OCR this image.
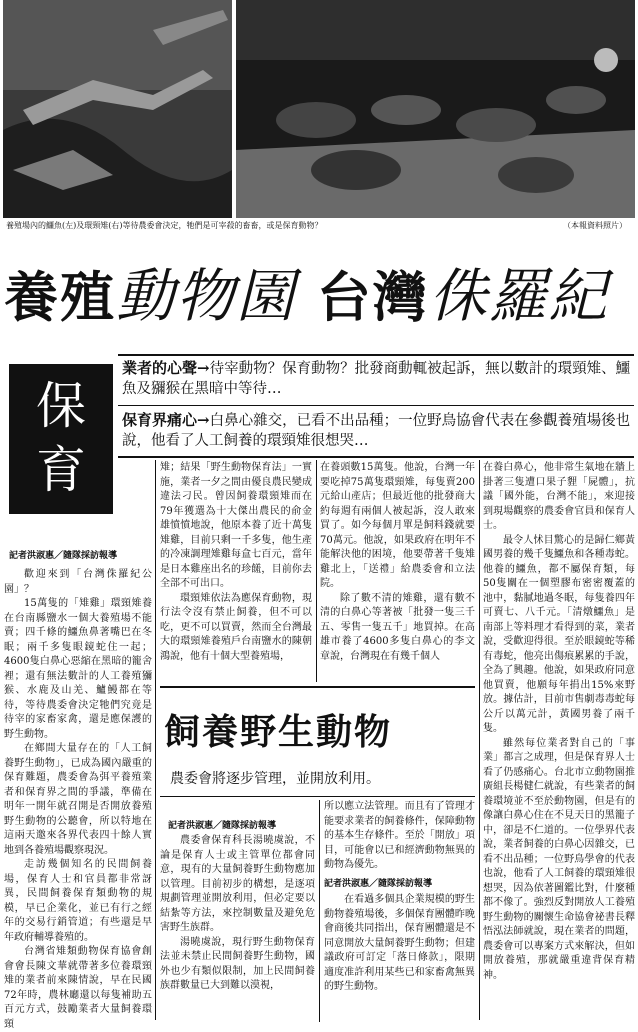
養殖場內的鱷魚(左)及環頸雉(右)等待農委會決定，牠們是可宰殺的畜畜，或是保育動物？	（本報資料照片）
養殖動物園 台灣侏羅紀
保
育
業者的心聲→待宰動物？保育動物？批發商動輒被起訴，無以數計的環頸雉、鱷魚及獼猴在黑暗中等待…
保育界痛心→白鼻心雜交，已看不出品種；一位野鳥協會代表在參觀養殖場後也說，他看了人工飼養的環頸雉很想哭…
記者洪淑惠／隨隊採訪報導

歡迎來到「台灣侏羅紀公園」？

15萬隻的「雉雞」環頸雉養在台南縣鹽水一個大養殖場不能賣；四千條的鱷魚鼻著嘴巴在冬眠；兩千多隻眼鏡蛇住一起；4600隻白鼻心惡縮在黑暗的籠舍裡；還有無法數計的人工養殖獼猴、水鹿及山羌、鱸鰻都在等待，等待農委會決定牠們究竟是待宰的家畜家禽，還是應保護的野生動物。

在鄉間大量存在的「人工飼養野生動物」，已成為國內嚴重的保育難題，農委會為弭平養殖業者和保育界之間的爭議，準備在明年一開年就召開是否開放養殖野生動物的公聽會，所以特地在這兩天邀來各界代表四十餘人實地到各養殖場觀察現況。

走訪幾個知名的民間飼養場，保育人士和官員都非常訝異，民間飼養保育類動物的規模，早已企業化，並已有行之經年的交易行銷管道；有些還是早年政府輔導養殖的。

台灣省雉類動物保育協會創會會長陳文華就帶著多位養環頸雉的業者前來陳情說，早在民國72年時，農林廳還以每隻補助五百元方式，鼓勵業者大量飼養環頸

雉；結果「野生動物保育法」一實施，業者一夕之間由優良農民變成違法刁民。曾因飼養環頸雉而在79年獲選為十大傑出農民的俞金雄憤憤地說，他原本養了近十萬隻雉雞，目前只剩一千多隻，他生產的冷凍調理雉雞每盒七百元，當年是日本雞座出名的珍饈，目前你去全部不可出口。

環頸雉依法為應保育動物，現行法令沒有禁止飼養，但不可以吃，更不可以買賣，然而全台灣最大的環頸雉養殖戶台南鹽水的陳朝鴻說，他有十個大型養殖場，

在養頭數15萬隻。他說，台灣一年要吃掉75萬隻環頸雉，每隻賣200元給山產店；但最近他的批發商大約每週有兩個人被起訴，沒人敢來買了。如今每個月單是飼料錢就要70萬元。他說，如果政府在明年不能解決他的困境，他要帶著千隻雉雞北上，「送禮」給農委會和立法院。

除了數不清的雉雞，還有數不清的白鼻心等著被「批發一隻三千五、零售一隻五千」地買掉。在高雄市養了4600多隻白鼻心的李文章說，台灣現在有幾千個人

在養白鼻心，他非常生氣地在牆上掛著三隻遭口果子貍「屍體」，抗議「國外能，台灣不能」，來迎接到現場觀察的農委會官員和保育人士。

最令人怵目驚心的是歸仁鄉黃國男養的幾千隻鱷魚和各種毒蛇。他養的鱷魚，都不屬保育類，每50隻關在一個塑膠布密密覆蓋的池中，黏膩地過冬眠，每隻養四年可賣七、八千元。「清燉鱷魚」是南部上等料理才看得到的菜，業者說，受歡迎得很。至於眼鏡蛇等稀有毒蛇，他亮出傷痕累累的手說，全為了興趣。他說，如果政府同意他買賣，他願每年捐出15%來野放。據估計，目前市售劇毒毒蛇每公斤以萬元計，黃國男養了兩千隻。

雖然每位業者對自己的「事業」都言之成理，但是保育界人士看了仍感痛心。台北市立動物園推廣組長楊健仁就說，有些業者的飼養環境並不至於動物園，但是有的像讓白鼻心住在不見天日的黑籠子中，卻是不仁道的。一位學界代表說，業者飼養的白鼻心因雜交，已看不出品種；一位野鳥學會的代表也說，他看了人工飼養的環頸雉很想哭，因為依著圖鑑比對，什麼種都不像了。強烈反對開放人工養殖野生動物的關懷生命協會祕書長釋悟泓法師就說，現在業者的問題，農委會可以專案方式來解決，但如開放養殖，那就嚴重違背保育精神。

飼養野生動物
農委會將逐步管理，並開放利用。
記者洪淑惠／隨隊採訪報導

農委會保育科長湯曉虞說，不論是保育人士或主管單位都會同意，現有的大量飼養野生動物應加以管理。目前初步的構想，是逐項規劃管理並開放利用，但必定要以結紮等方法，來控制數量及避免危害野生族群。

湯曉虞說，現行野生動物保育法並未禁止民間飼養野生動物，國外也少有類似限制，加上民間飼養族群數量已大到難以漠視，

所以應立法管理。而且有了管理才能要求業者的飼養條件，保障動物的基本生存條件。至於「開放」項目，可能會以已和經濟動物無異的動物為優先。

記者洪淑惠／隨隊採訪報導

在看過多個具企業規模的野生動物養殖場後，多個保育團體昨晚會商後共同指出，保育團體還是不同意開放大量飼養野生動物；但建議政府可訂定「落日條款」，限期適度准許利用某些已和家畜禽無異的野生動物。
